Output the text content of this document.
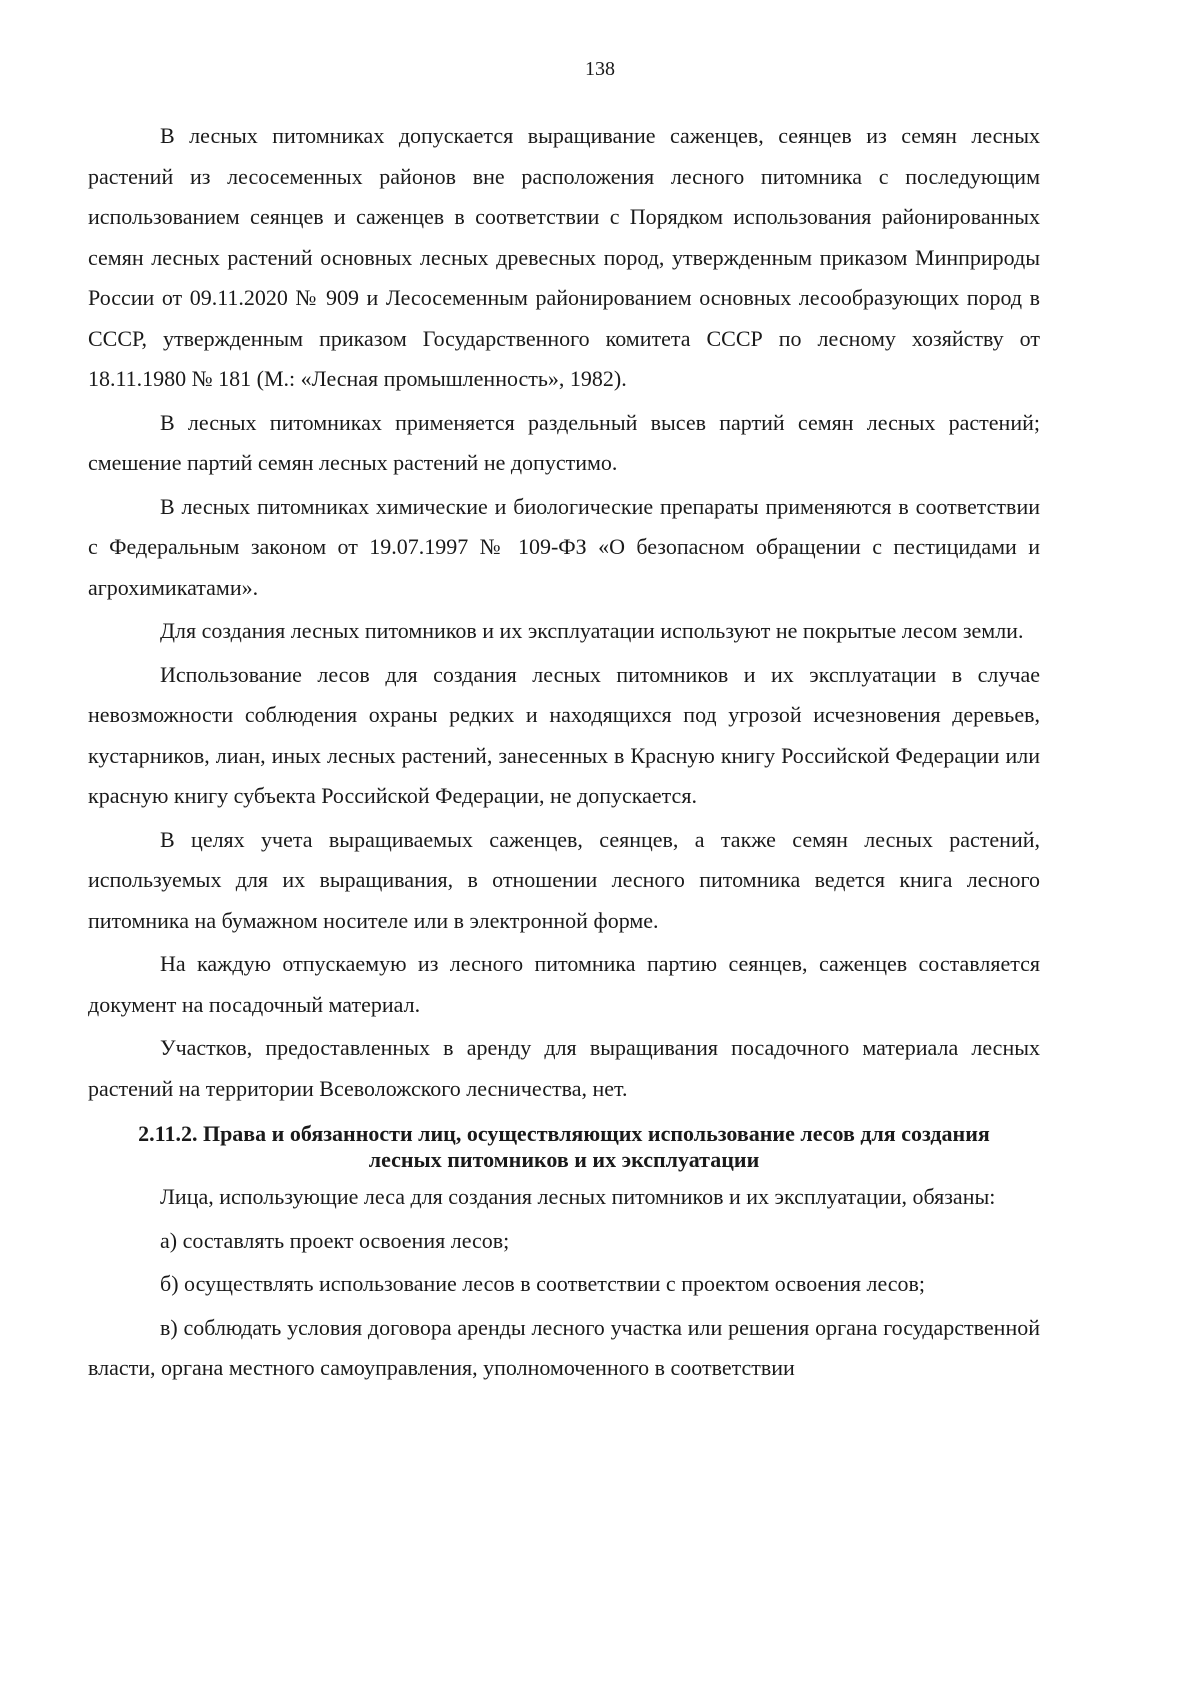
138

В лесных питомниках допускается выращивание саженцев, сеянцев из семян лесных растений из лесосеменных районов вне расположения лесного питомника с последующим использованием сеянцев и саженцев в соответствии с Порядком использования районированных семян лесных растений основных лесных древесных пород, утвержденным приказом Минприроды России от 09.11.2020 № 909 и Лесосеменным районированием основных лесообразующих пород в СССР, утвержденным приказом Государственного комитета СССР по лесному хозяйству от 18.11.1980 № 181 (М.: «Лесная промышленность», 1982).

В лесных питомниках применяется раздельный высев партий семян лесных растений; смешение партий семян лесных растений не допустимо.

В лесных питомниках химические и биологические препараты применяются в соответствии с Федеральным законом от 19.07.1997 № 109-ФЗ «О безопасном обращении с пестицидами и агрохимикатами».

Для создания лесных питомников и их эксплуатации используют не покрытые лесом земли.

Использование лесов для создания лесных питомников и их эксплуатации в случае невозможности соблюдения охраны редких и находящихся под угрозой исчезновения деревьев, кустарников, лиан, иных лесных растений, занесенных в Красную книгу Российской Федерации или красную книгу субъекта Российской Федерации, не допускается.

В целях учета выращиваемых саженцев, сеянцев, а также семян лесных растений, используемых для их выращивания, в отношении лесного питомника ведется книга лесного питомника на бумажном носителе или в электронной форме.

На каждую отпускаемую из лесного питомника партию сеянцев, саженцев составляется документ на посадочный материал.

Участков, предоставленных в аренду для выращивания посадочного материала лесных растений на территории Всеволожского лесничества, нет.

2.11.2. Права и обязанности лиц, осуществляющих использование лесов для создания
лесных питомников и их эксплуатации

Лица, использующие леса для создания лесных питомников и их эксплуатации, обязаны:

а) составлять проект освоения лесов;

б) осуществлять использование лесов в соответствии с проектом освоения лесов;

в) соблюдать условия договора аренды лесного участка или решения органа государственной власти, органа местного самоуправления, уполномоченного в соответствии
